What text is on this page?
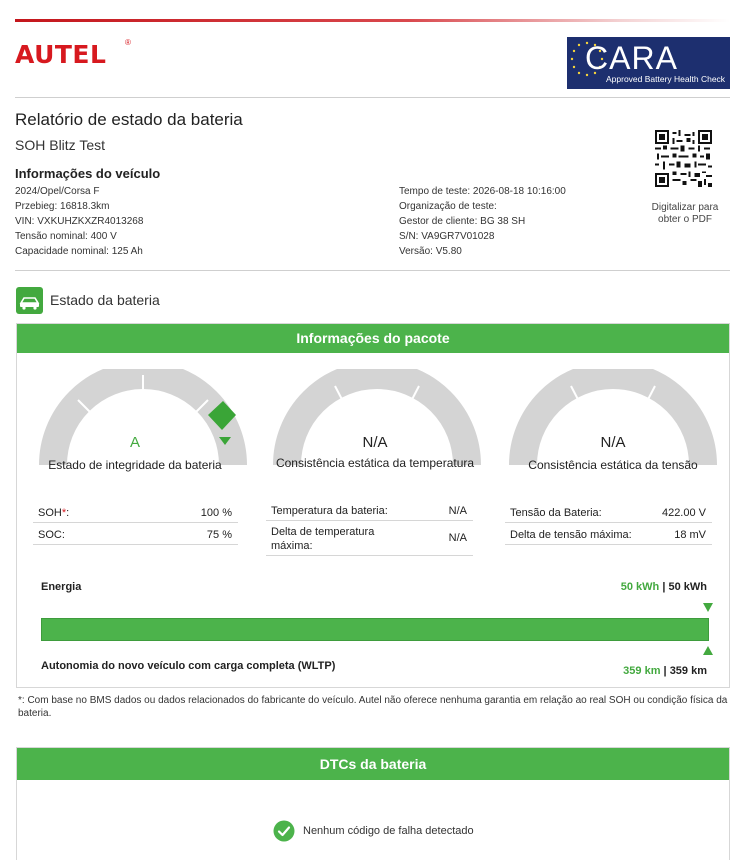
AUTEL ®	CARA
Approved Battery Health Check
Relatório de estado da bateria
SOH Blitz Test
Informações do veículo
2024/Opel/Corsa F
Przebieg: 16818.3km
VIN: VXKUHZKXZR4013268
Tensão nominal: 400 V
Capacidade nominal: 125 Ah
Tempo de teste: 2026-08-18 10:16:00
Organização de teste:
Gestor de cliente: BG 38 SH
S/N: VA9GR7V01028
Versão: V5.80
Digitalizar para obter o PDF
Estado da bateria
Informações do pacote
A
Estado de integridade da bateria
N/A
Consistência estática da temperatura
N/A
Consistência estática da tensão
SOH*:	100 %
SOC:	75 %
Temperatura da bateria:	N/A
Delta de temperatura máxima:
N/A
Tensão da Bateria:	422.00 V
Delta de tensão máxima:	18 mV
Energia	50 kWh | 50 kWh
Autonomia do novo veículo com carga completa (WLTP)	359 km | 359 km
*: Com base no BMS dados ou dados relacionados do fabricante do veículo. Autel não oferece nenhuma garantia em relação ao real SOH ou condição física da bateria.
DTCs da bateria
Nenhum código de falha detectado
